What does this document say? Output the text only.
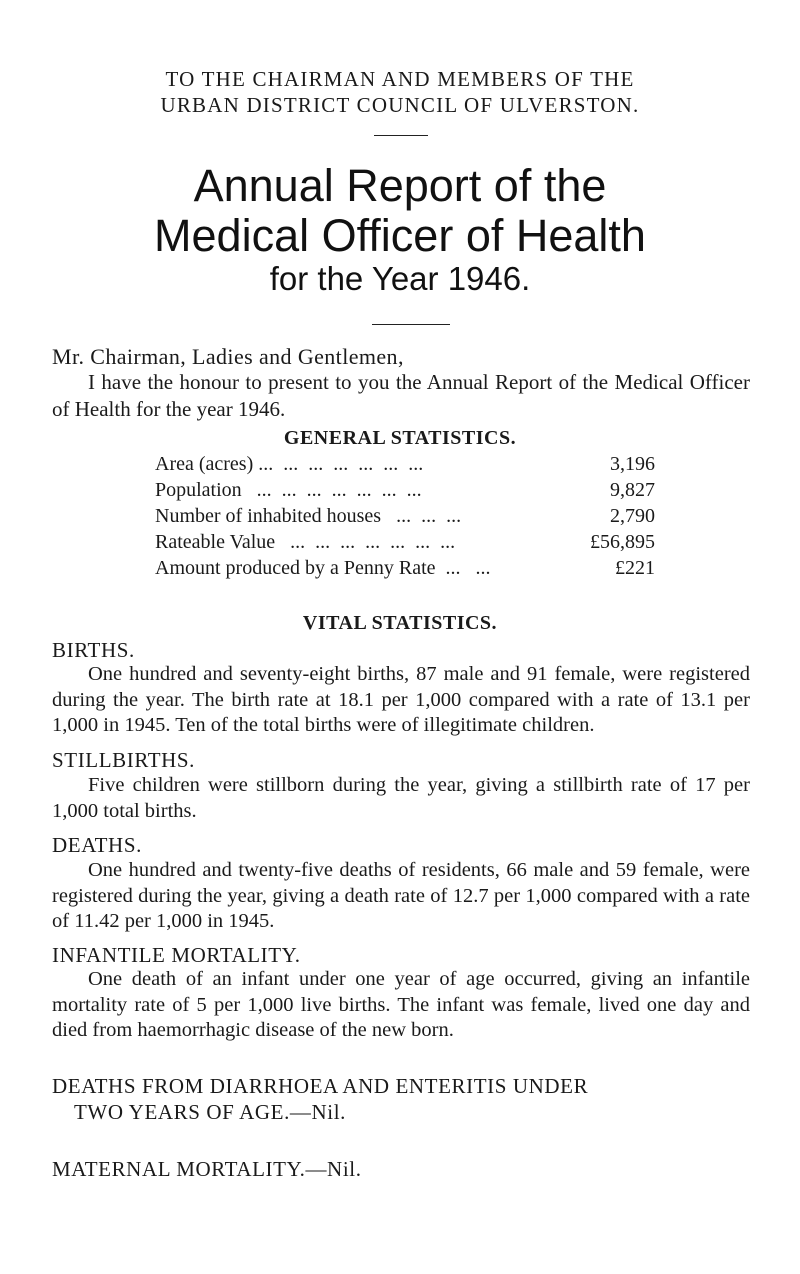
TO THE CHAIRMAN AND MEMBERS OF THE
URBAN DISTRICT COUNCIL OF ULVERSTON.
Annual Report of the
Medical Officer of Health
for the Year 1946.
Mr. Chairman, Ladies and Gentlemen,
I have the honour to present to you the Annual Report of the Medical Officer of Health for the year 1946.
GENERAL STATISTICS.
Area (acres) ...  ...  ...  ...  ...  ...  ...	3,196
Population   ...  ...  ...  ...  ...  ...  ...	9,827
Number of inhabited houses   ...  ...  ...	2,790
Rateable Value   ...  ...  ...  ...  ...  ...  ...	£56,895
Amount produced by a Penny Rate  ...   ...	£221
VITAL STATISTICS.
BIRTHS.
One hundred and seventy-eight births, 87 male and 91 female, were registered during the year. The birth rate at 18.1 per 1,000 compared with a rate of 13.1 per 1,000 in 1945. Ten of the total births were of illegitimate children.
STILLBIRTHS.
Five children were stillborn during the year, giving a stillbirth rate of 17 per 1,000 total births.
DEATHS.
One hundred and twenty-five deaths of residents, 66 male and 59 female, were registered during the year, giving a death rate of 12.7 per 1,000 compared with a rate of 11.42 per 1,000 in 1945.
INFANTILE MORTALITY.
One death of an infant under one year of age occurred, giving an infantile mortality rate of 5 per 1,000 live births. The infant was female, lived one day and died from haemorrhagic disease of the new born.
DEATHS FROM DIARRHOEA AND ENTERITIS UNDER
TWO YEARS OF AGE.—Nil.
MATERNAL MORTALITY.—Nil.
